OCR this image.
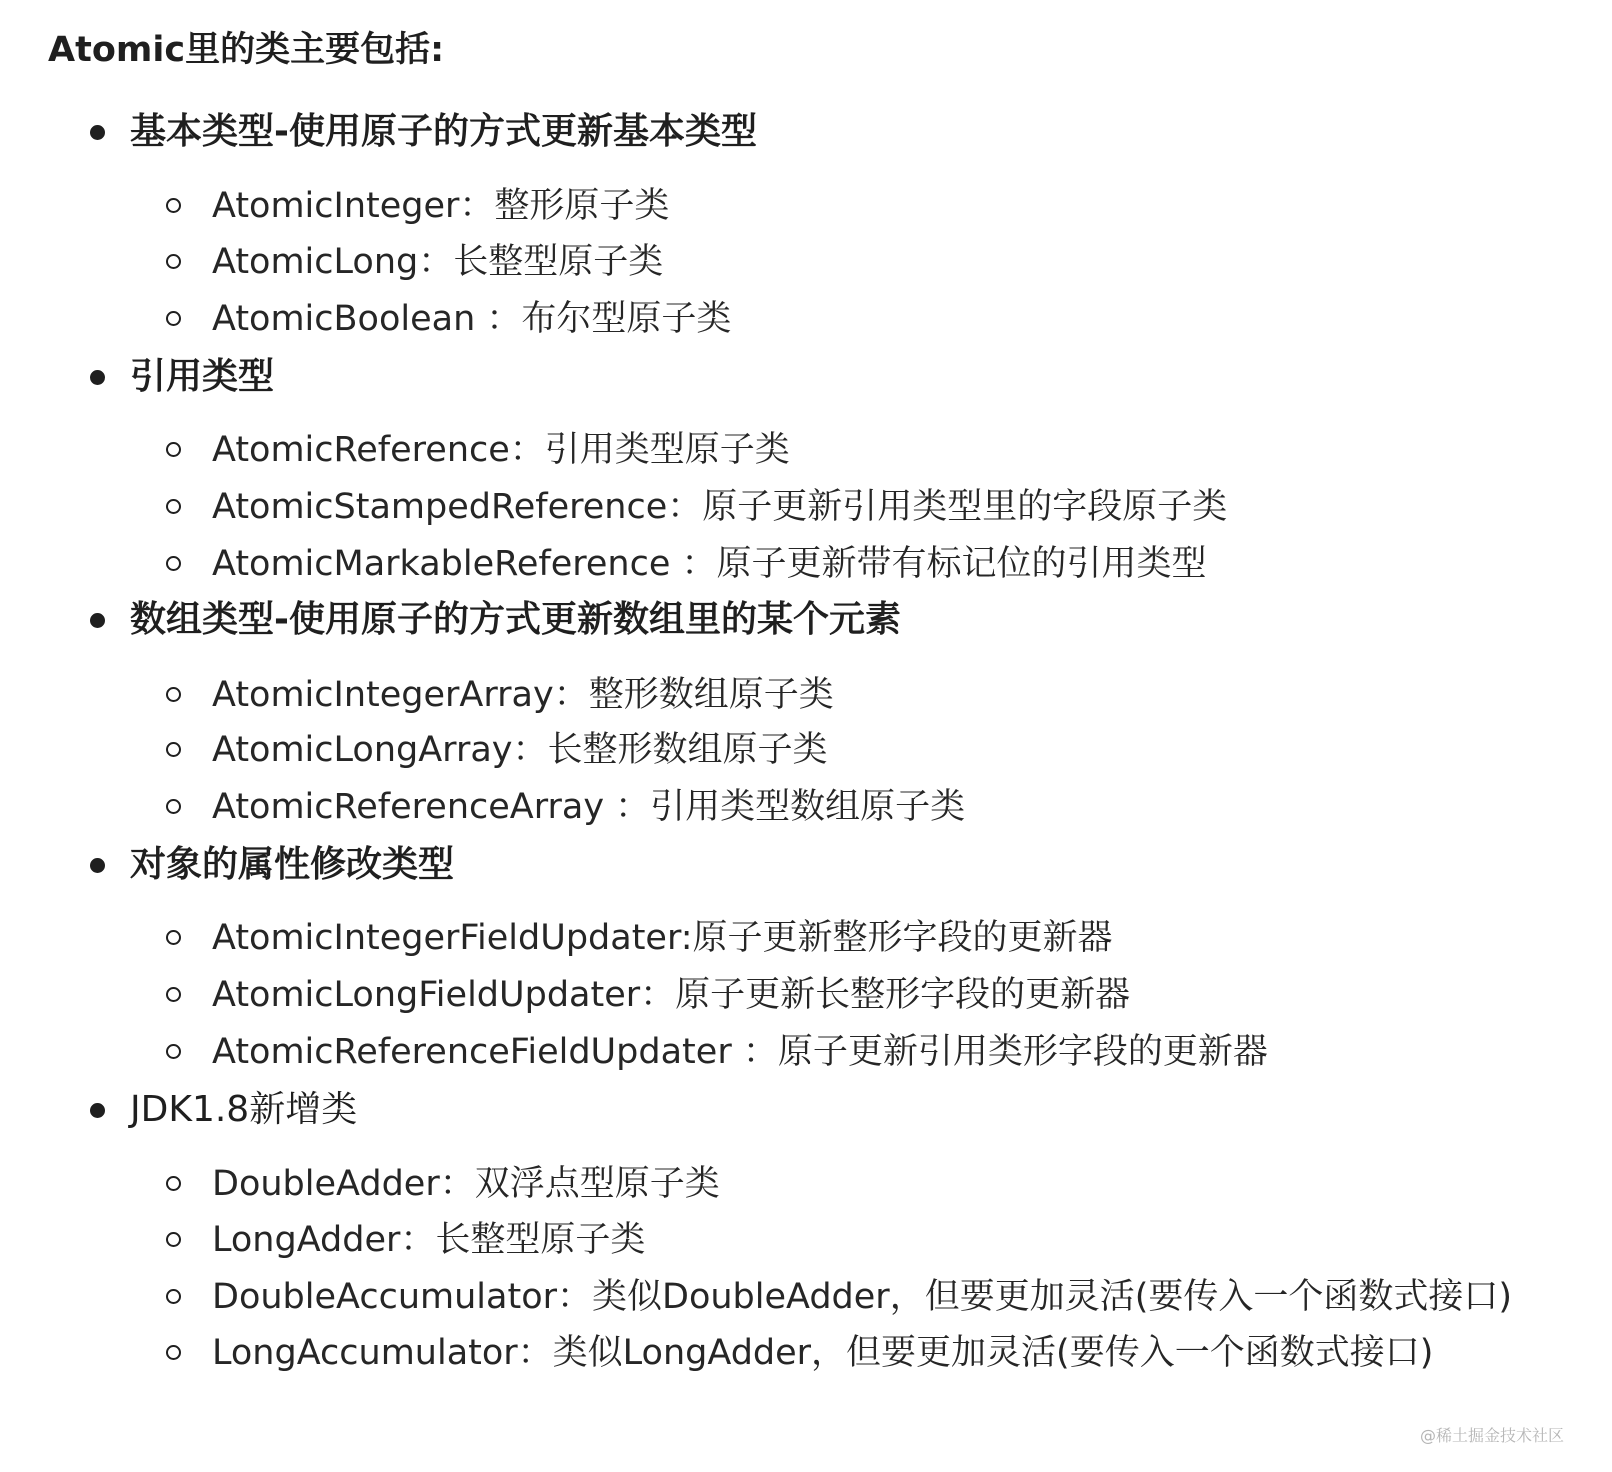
Atomic里的类主要包括:
基本类型-使用原子的方式更新基本类型
AtomicInteger：整形原子类
AtomicLong：长整型原子类
AtomicBoolean ：布尔型原子类
引用类型
AtomicReference：引用类型原子类
AtomicStampedReference：原子更新引用类型里的字段原子类
AtomicMarkableReference ：原子更新带有标记位的引用类型
数组类型-使用原子的方式更新数组里的某个元素
AtomicIntegerArray：整形数组原子类
AtomicLongArray：长整形数组原子类
AtomicReferenceArray ：引用类型数组原子类
对象的属性修改类型
AtomicIntegerFieldUpdater:原子更新整形字段的更新器
AtomicLongFieldUpdater：原子更新长整形字段的更新器
AtomicReferenceFieldUpdater ：原子更新引用类形字段的更新器
JDK1.8新增类
DoubleAdder：双浮点型原子类
LongAdder：长整型原子类
DoubleAccumulator：类似DoubleAdder，但要更加灵活(要传入一个函数式接口)
LongAccumulator：类似LongAdder，但要更加灵活(要传入一个函数式接口)
@稀土掘金技术社区
